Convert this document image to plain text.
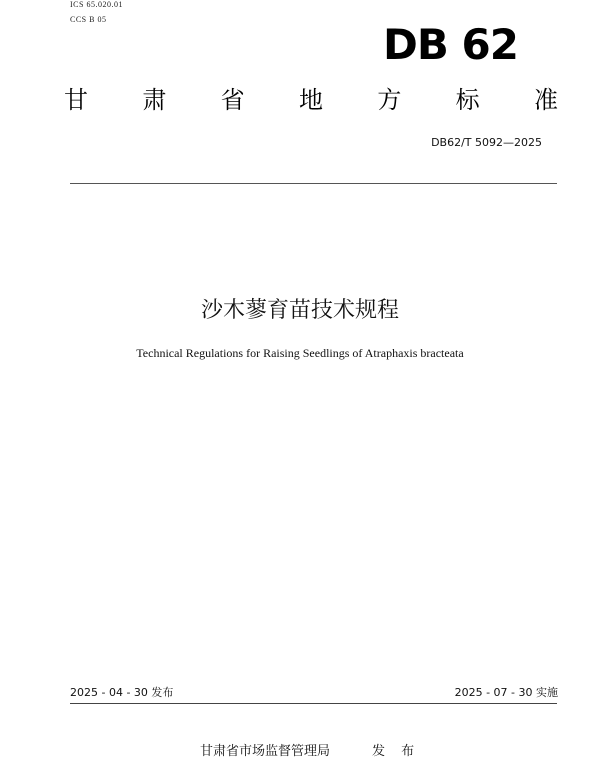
ICS 65.020.01
CCS B 05
DB 62
甘 肃 省 地 方 标 准
DB62/T 5092—2025
沙木蓼育苗技术规程
Technical Regulations for Raising Seedlings of Atraphaxis bracteata
2025 - 04 - 30 发布	2025 - 07 - 30 实施
甘肃省市场监督管理局	发 布
